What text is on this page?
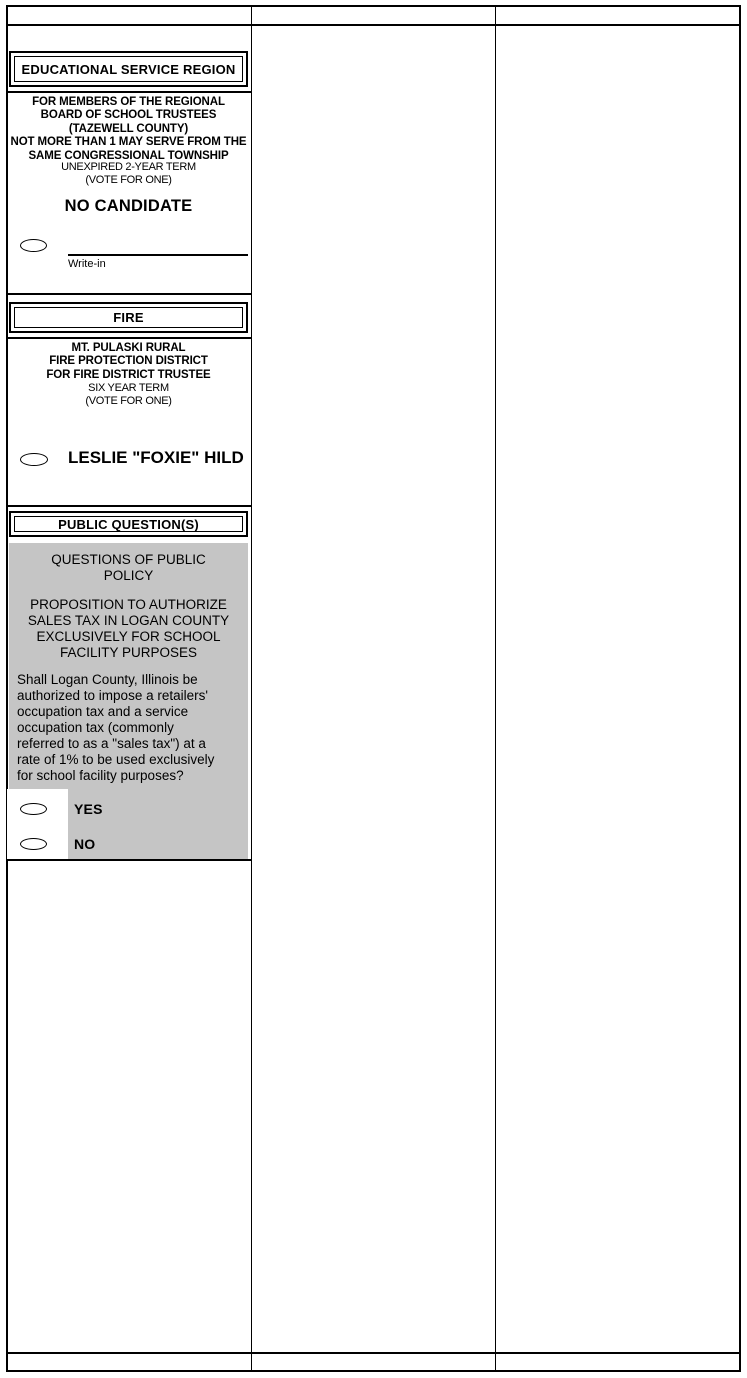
EDUCATIONAL SERVICE REGION
FOR MEMBERS OF THE REGIONAL
BOARD OF SCHOOL TRUSTEES
(TAZEWELL COUNTY)
NOT MORE THAN 1 MAY SERVE FROM THE
SAME CONGRESSIONAL TOWNSHIP
UNEXPIRED 2-YEAR TERM
(VOTE FOR ONE)
NO CANDIDATE
Write-in
FIRE
MT. PULASKI RURAL
FIRE PROTECTION DISTRICT
FOR FIRE DISTRICT TRUSTEE
SIX YEAR TERM
(VOTE FOR ONE)
LESLIE "FOXIE" HILD
PUBLIC QUESTION(S)
QUESTIONS OF PUBLIC
POLICY
PROPOSITION TO AUTHORIZE
SALES TAX IN LOGAN COUNTY
EXCLUSIVELY FOR SCHOOL
FACILITY PURPOSES
Shall Logan County, Illinois be
authorized to impose a retailers'
occupation tax and a service
occupation tax (commonly
referred to as a "sales tax") at a
rate of 1% to be used exclusively
for school facility purposes?
YES
NO
